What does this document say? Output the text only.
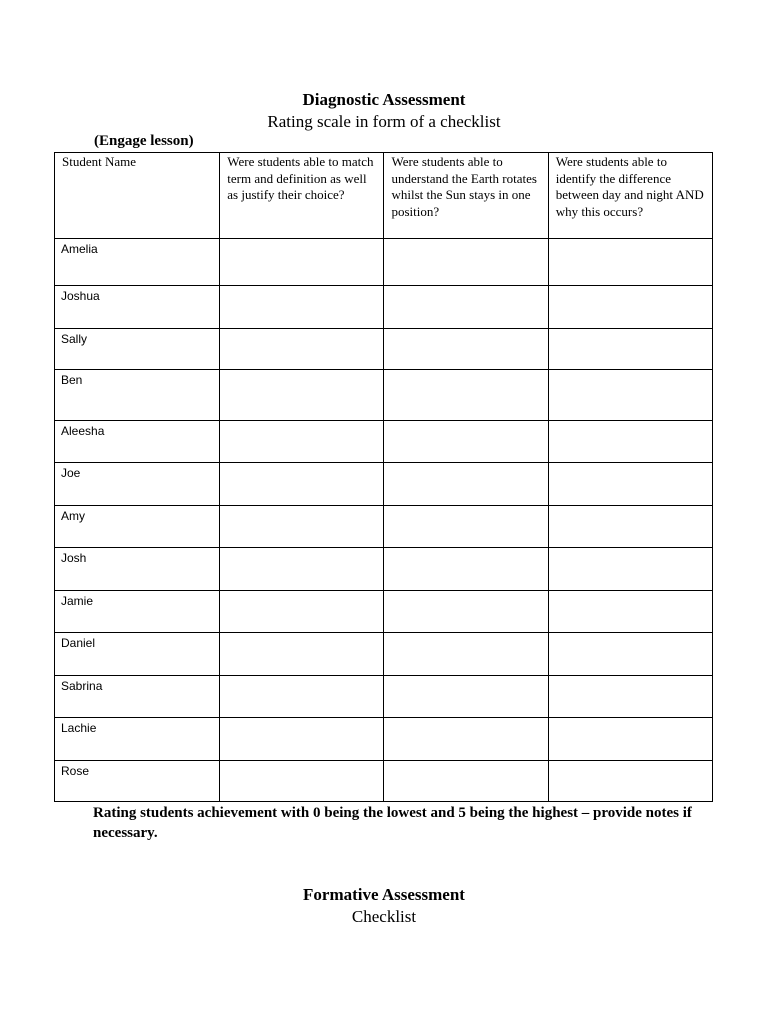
Diagnostic Assessment
Rating scale in form of a checklist
(Engage lesson)
Student Name	Were students able to match term and definition as well as justify their choice?	Were students able to understand the Earth rotates whilst the Sun stays in one position?	Were students able to identify the difference between day and night AND why this occurs?
Amelia			
Joshua			
Sally			
Ben			
Aleesha			
Joe			
Amy			
Josh			
Jamie			
Daniel			
Sabrina			
Lachie			
Rose			
Rating students achievement with 0 being the lowest and 5 being the highest – provide notes if necessary.
Formative Assessment
Checklist
